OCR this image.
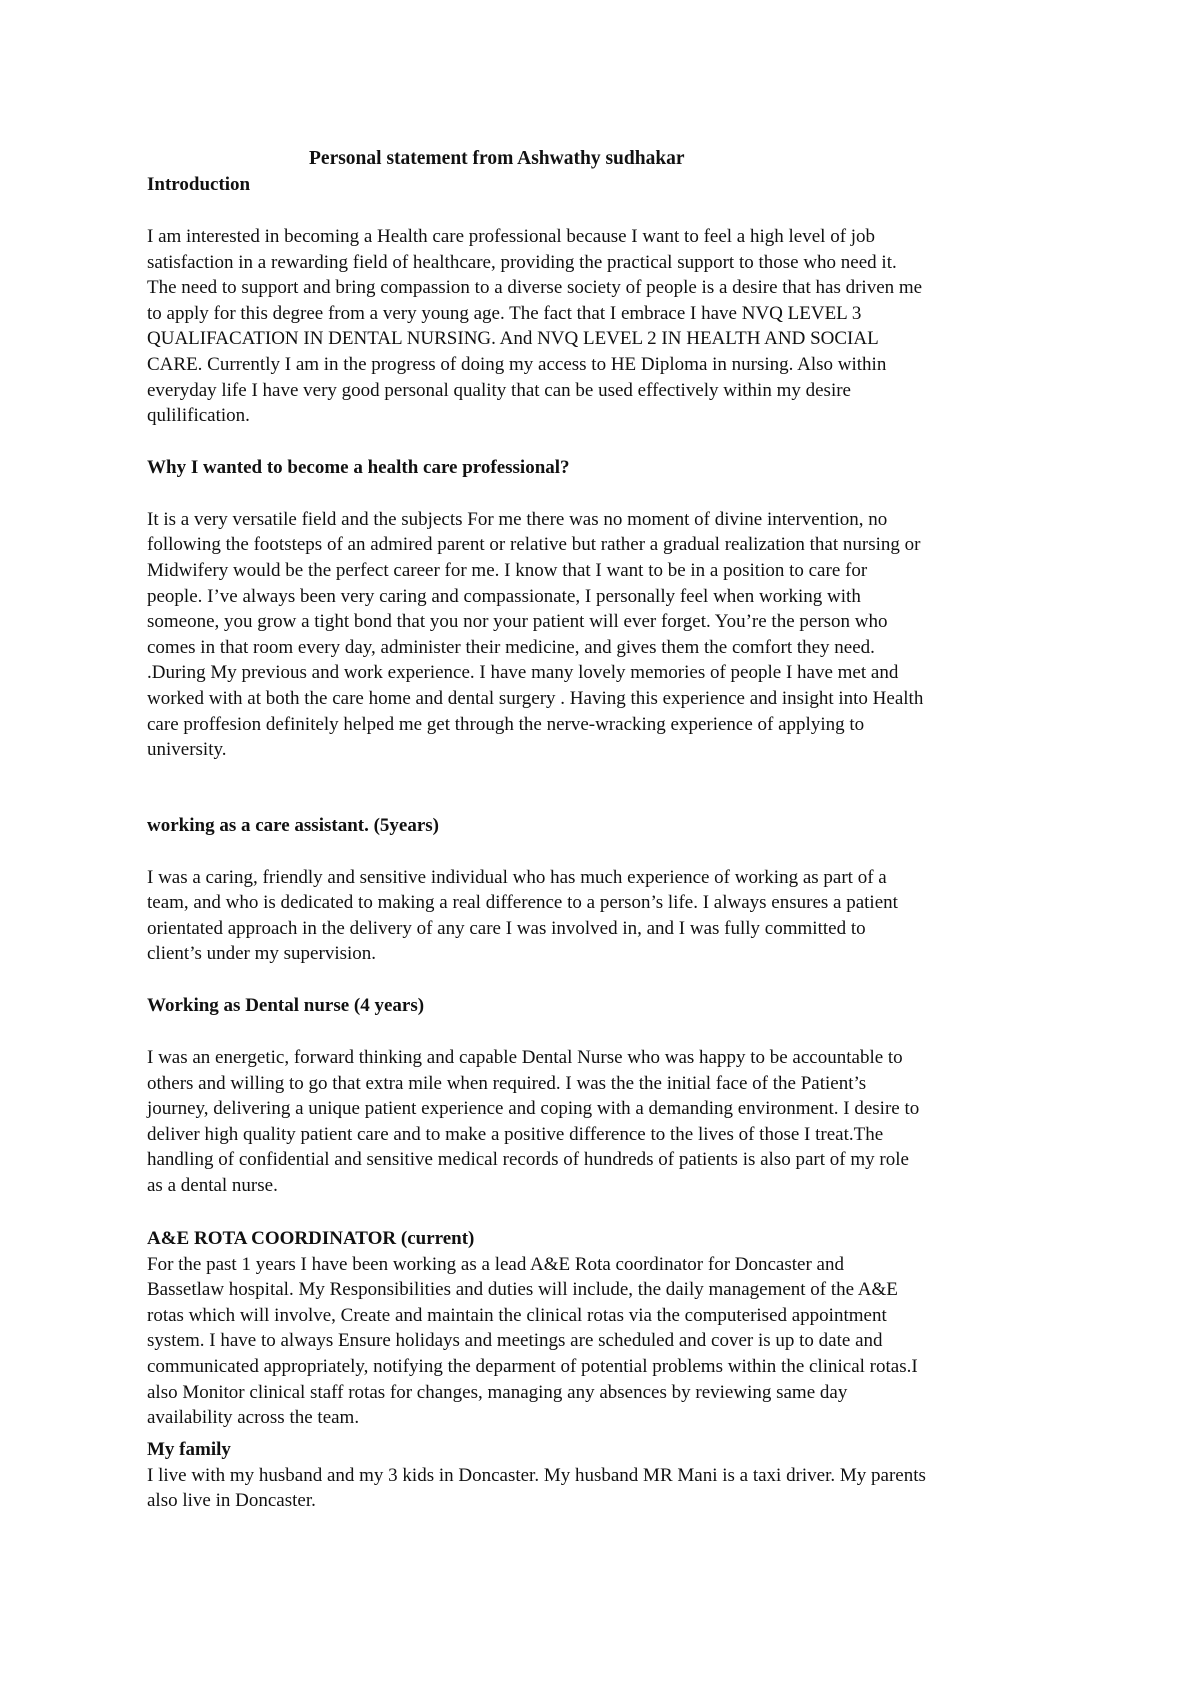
Personal statement from Ashwathy sudhakar
Introduction
I am interested in becoming a Health care professional because I want to feel a high level of job
satisfaction in a rewarding field of healthcare, providing the practical support to those who need it.
The need to support and bring compassion to a diverse society of people is a desire that has driven me
to apply for this degree from a very young age. The fact that I embrace I have NVQ LEVEL 3
QUALIFACATION IN DENTAL NURSING. And NVQ LEVEL 2 IN HEALTH AND SOCIAL
CARE. Currently I am in the progress of doing my access to HE Diploma in nursing. Also within
everyday life I have very good personal quality that can be used effectively within my desire
qulilification.
Why I wanted to become a health care professional?
It is a very versatile field and the subjects For me there was no moment of divine intervention, no
following the footsteps of an admired parent or relative but rather a gradual realization that nursing or
Midwifery would be the perfect career for me. I know that I want to be in a position to care for
people. I’ve always been very caring and compassionate, I personally feel when working with
someone, you grow a tight bond that you nor your patient will ever forget. You’re the person who
comes in that room every day, administer their medicine, and gives them the comfort they need.
.During My previous and work experience. I have many lovely memories of people I have met and
worked with at both the care home and dental surgery . Having this experience and insight into Health
care proffesion definitely helped me get through the nerve-wracking experience of applying to
university.
working as a care assistant. (5years)
I was a caring, friendly and sensitive individual who has much experience of working as part of a
team, and who is dedicated to making a real difference to a person’s life. I always ensures a patient
orientated approach in the delivery of any care I was involved in, and I was fully committed to
client’s under my supervision.
Working as Dental nurse (4 years)
I was an energetic, forward thinking and capable Dental Nurse who was happy to be accountable to
others and willing to go that extra mile when required. I was the the initial face of the Patient’s
journey, delivering a unique patient experience and coping with a demanding environment. I desire to
deliver high quality patient care and to make a positive difference to the lives of those I treat.The
handling of confidential and sensitive medical records of hundreds of patients is also part of my role
as a dental nurse.
A&E ROTA COORDINATOR (current)
For the past 1 years I have been working as a lead A&E Rota coordinator for Doncaster and
Bassetlaw hospital. My Responsibilities and duties will include, the daily management of the A&E
rotas which will involve, Create and maintain the clinical rotas via the computerised appointment
system. I have to always Ensure holidays and meetings are scheduled and cover is up to date and
communicated appropriately, notifying the deparment of potential problems within the clinical rotas.I
also Monitor clinical staff rotas for changes, managing any absences by reviewing same day
availability across the team.
My family
I live with my husband and my 3 kids in Doncaster. My husband MR Mani is a taxi driver. My parents
also live in Doncaster.
